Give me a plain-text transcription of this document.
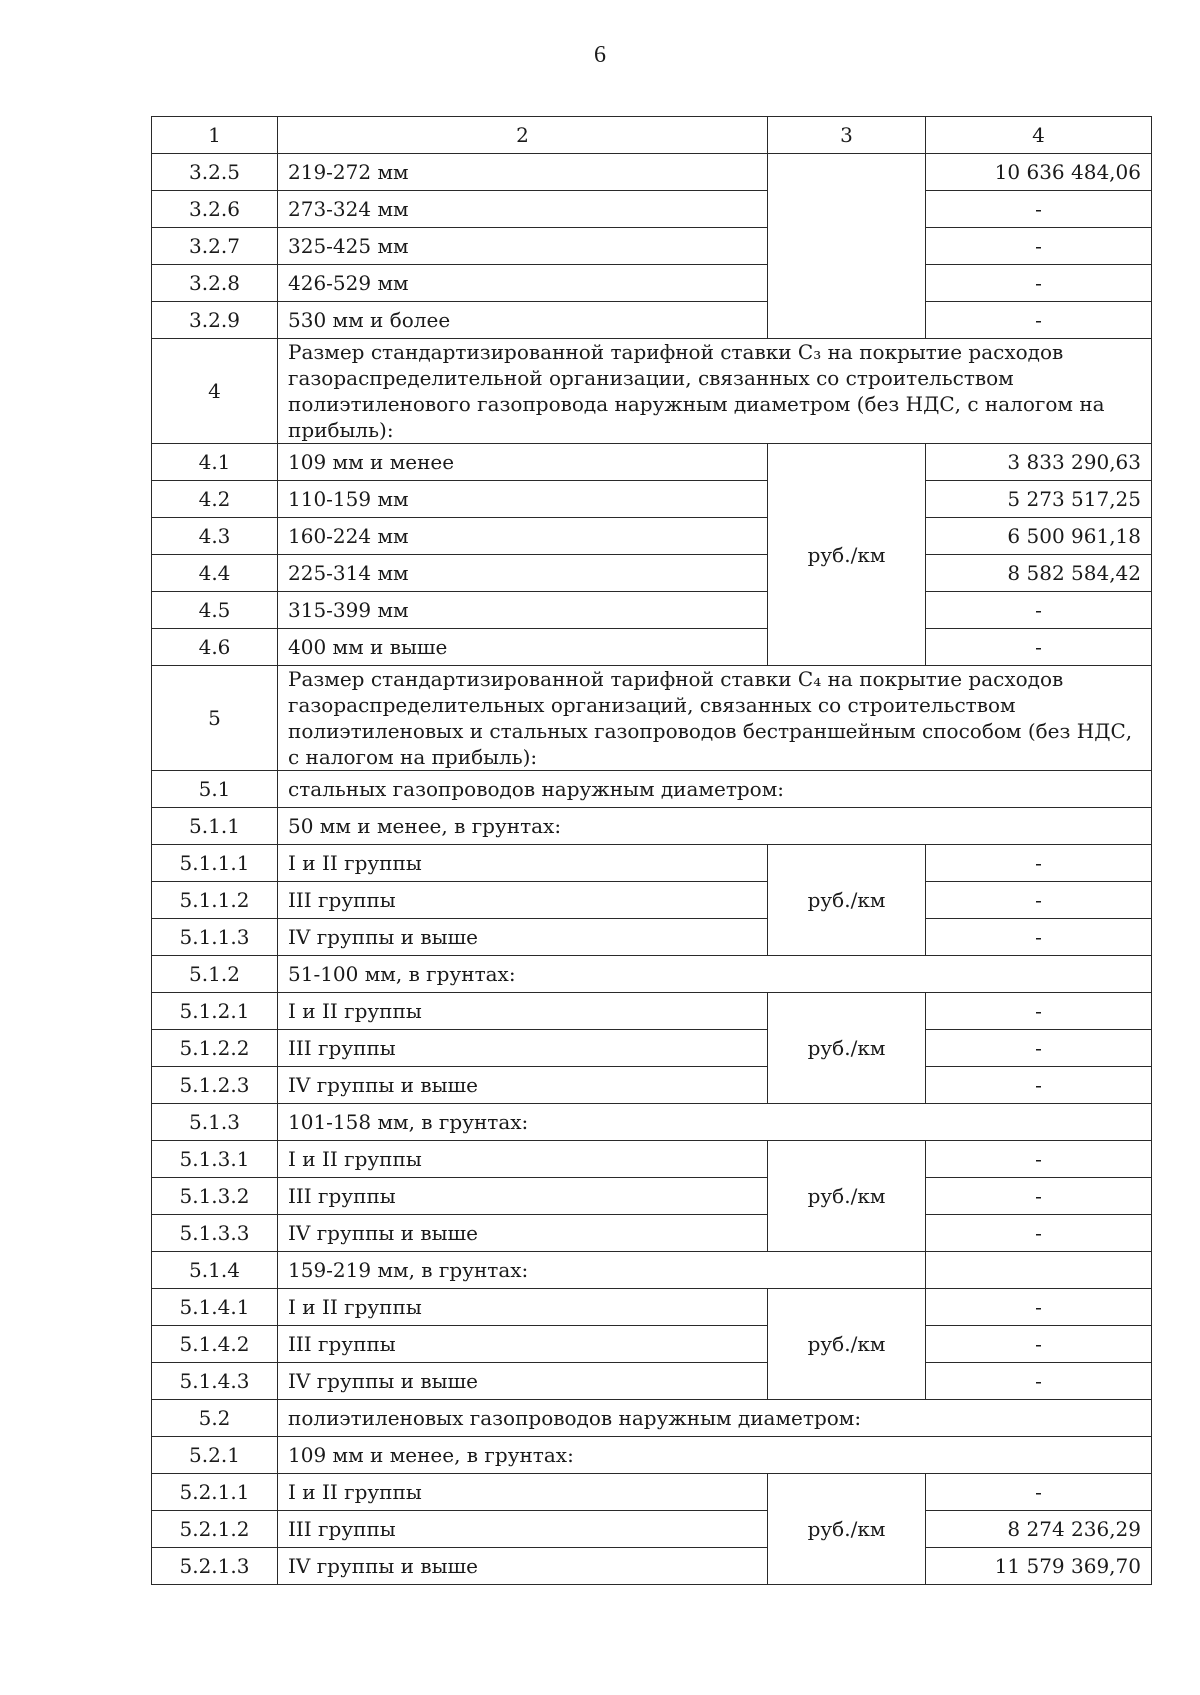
6
1	2	3	4
3.2.5	219-272 мм		10 636 484,06
3.2.6	273-324 мм		-
3.2.7	325-425 мм		-
3.2.8	426-529 мм		-
3.2.9	530 мм и более		-
4	Размер стандартизированной тарифной ставки С₃ на покрытие расходов газораспределительной организации, связанных со строительством полиэтиленового газопровода наружным диаметром (без НДС, с налогом на прибыль):		
4.1	109 мм и менее	руб./км	3 833 290,63
4.2	110-159 мм		5 273 517,25
4.3	160-224 мм		6 500 961,18
4.4	225-314 мм		8 582 584,42
4.5	315-399 мм		-
4.6	400 мм и выше		-
5	Размер стандартизированной тарифной ставки С₄ на покрытие расходов газораспределительных организаций, связанных со строительством полиэтиленовых и стальных газопроводов бестраншейным способом (без НДС, с налогом на прибыль):		
5.1	стальных газопроводов наружным диаметром:		
5.1.1	50 мм и менее, в грунтах:		
5.1.1.1	I и II группы	руб./км	-
5.1.1.2	III группы		-
5.1.1.3	IV группы и выше		-
5.1.2	51-100 мм, в грунтах:		
5.1.2.1	I и II группы	руб./км	-
5.1.2.2	III группы		-
5.1.2.3	IV группы и выше		-
5.1.3	101-158 мм, в грунтах:		
5.1.3.1	I и II группы	руб./км	-
5.1.3.2	III группы		-
5.1.3.3	IV группы и выше		-
5.1.4	159-219 мм, в грунтах:		
5.1.4.1	I и II группы	руб./км	-
5.1.4.2	III группы		-
5.1.4.3	IV группы и выше		-
5.2	полиэтиленовых газопроводов наружным диаметром:		
5.2.1	109 мм и менее, в грунтах:		
5.2.1.1	I и II группы	руб./км	-
5.2.1.2	III группы		8 274 236,29
5.2.1.3	IV группы и выше		11 579 369,70
